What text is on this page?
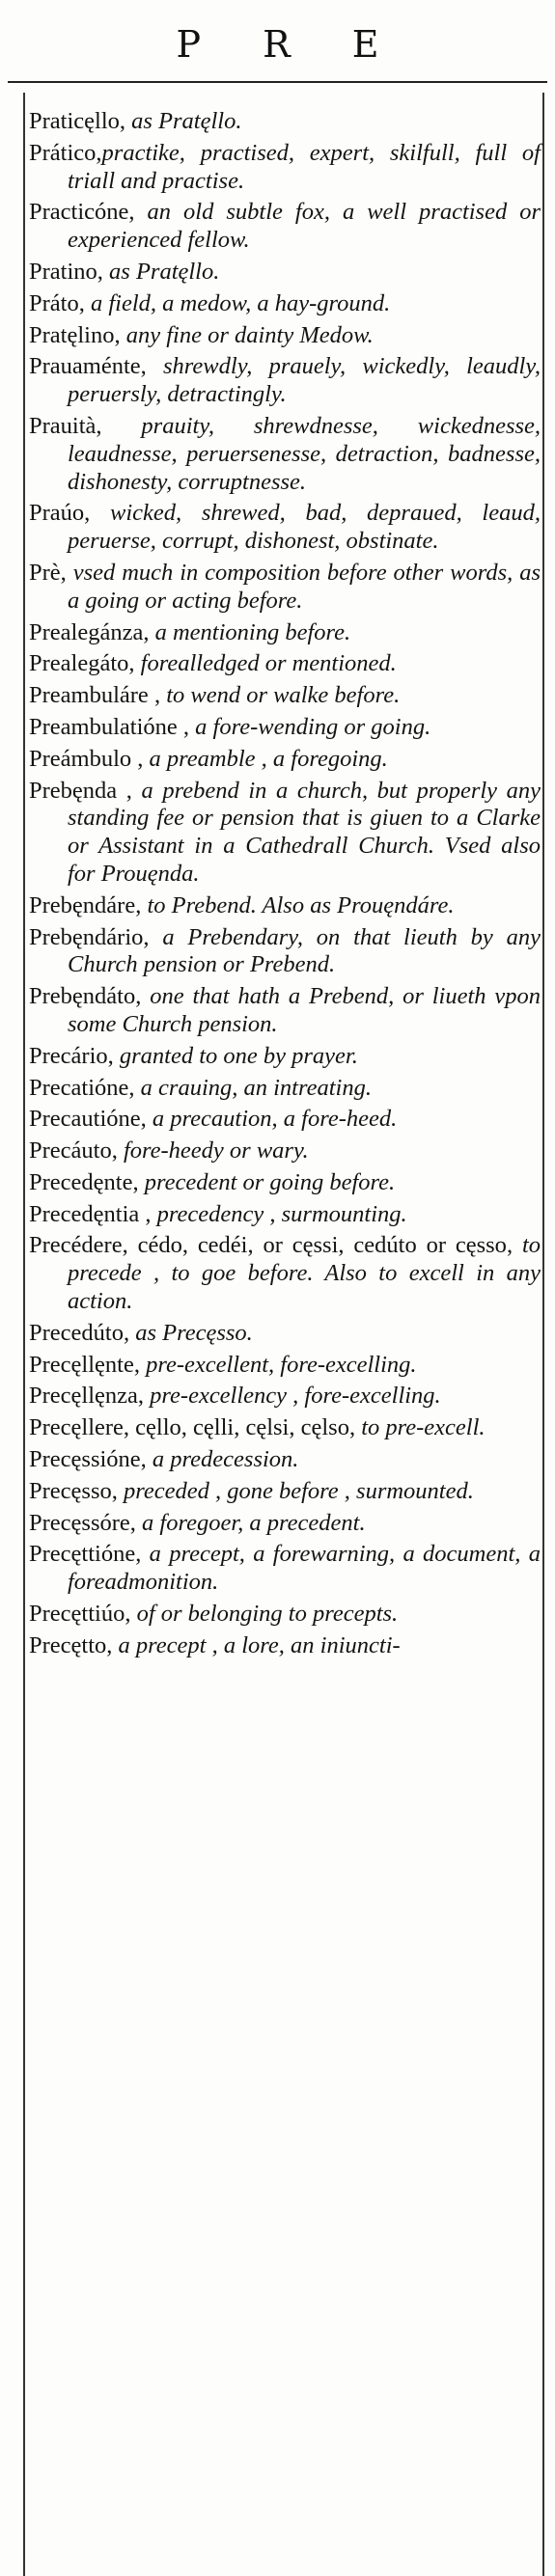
P R E

Praticęllo, as Pratęllo.

Prático,practike, practised, expert, skilfull, full of triall and practise.

Practicóne, an old subtle fox, a well practised or experienced fellow.

Pratino, as Pratęllo.

Práto, a field, a medow, a hay-ground.

Pratęlino, any fine or dainty Medow.

Prauaménte, shrewdly, prauely, wickedly, leaudly, peruersly, detractingly.

Prauità, prauity, shrewdnesse, wickednesse, leaudnesse, peruersenesse, detraction, badnesse, dishonesty, corruptnesse.

Praúo, wicked, shrewed, bad, depraued, leaud, peruerse, corrupt, dishonest, obstinate.

Prè, vsed much in composition before other words, as a going or acting before.

Prealegánza, a mentioning before.

Prealegáto, forealledged or mentioned.

Preambuláre , to wend or walke before.

Preambulatióne , a fore-wending or going.

Preámbulo , a preamble , a foregoing.

Prebęnda , a prebend in a church, but properly any standing fee or pension that is giuen to a Clarke or Assistant in a Cathedrall Church. Vsed also for Prouęnda.

Prebęndáre, to Prebend. Also as Prouęndáre.

Prebęndário, a Prebendary, on that lieuth by any Church pension or Prebend.

Prebęndáto, one that hath a Prebend, or liueth vpon some Church pension.

Precário, granted to one by prayer.

Precatióne, a crauing, an intreating.

Precautióne, a precaution, a fore-heed.

Precáuto, fore-heedy or wary.

Precedęnte, precedent or going before.

Precedęntia , precedency , surmounting.

Precédere, cédo, cedéi, or cęssi, cedúto or cęsso, to precede , to goe before. Also to excell in any action.

Precedúto, as Precęsso.

Precęllęnte, pre-excellent, fore-excelling.

Precęllęnza, pre-excellency , fore-excelling.

Precęllere, cęllo, cęlli, cęlsi, cęlso, to pre-excell.

Precęssióne, a predecession.

Precęsso, preceded , gone before , surmounted.

Precęssóre, a foregoer, a precedent.

Precęttióne, a precept, a forewarning, a document, a foreadmonition.

Precęttiúo, of or belonging to precepts.

Precętto, a precept , a lore, an iniuncti-
